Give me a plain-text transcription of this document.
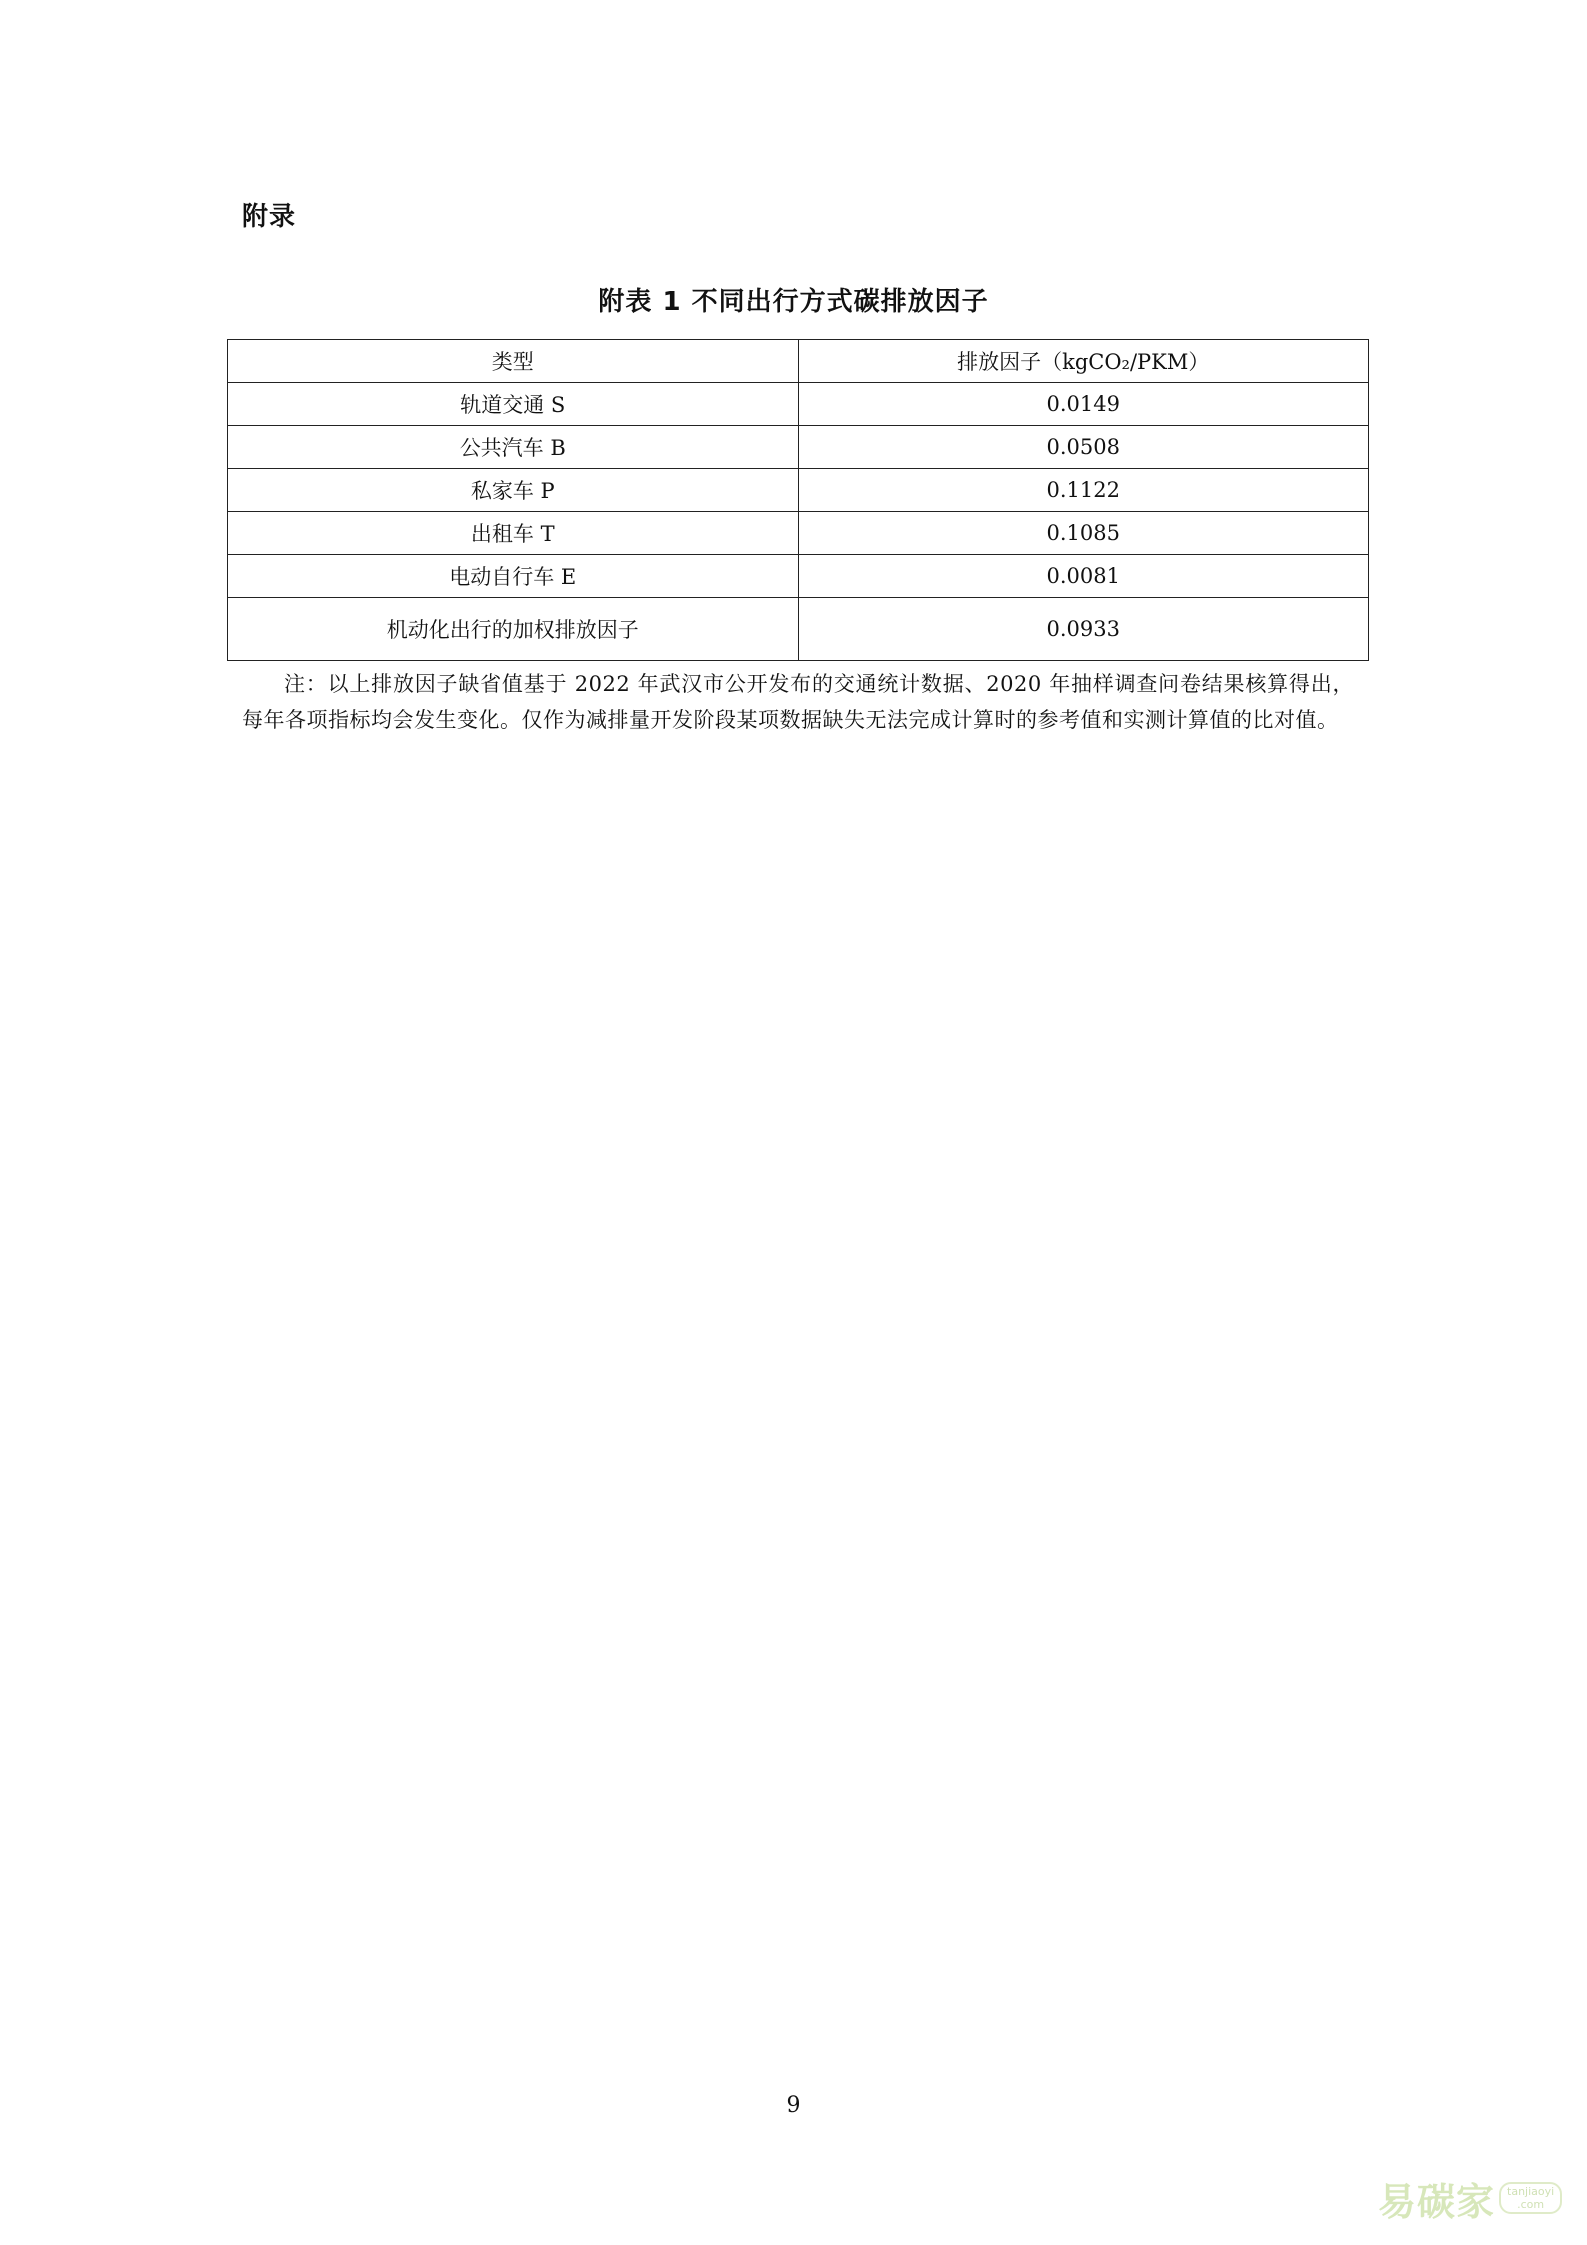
附录
附表 1 不同出行方式碳排放因子
类型	排放因子（kgCO₂/PKM）
轨道交通 S	0.0149
公共汽车 B	0.0508
私家车 P	0.1122
出租车 T	0.1085
电动自行车 E	0.0081
机动化出行的加权排放因子	0.0933
注：以上排放因子缺省值基于 2022 年武汉市公开发布的交通统计数据、2020 年抽样调查问卷结果核算得出，每年各项指标均会发生变化。仅作为减排量开发阶段某项数据缺失无法完成计算时的参考值和实测计算值的比对值。
9
易碳家	tanjiaoyi
.com
